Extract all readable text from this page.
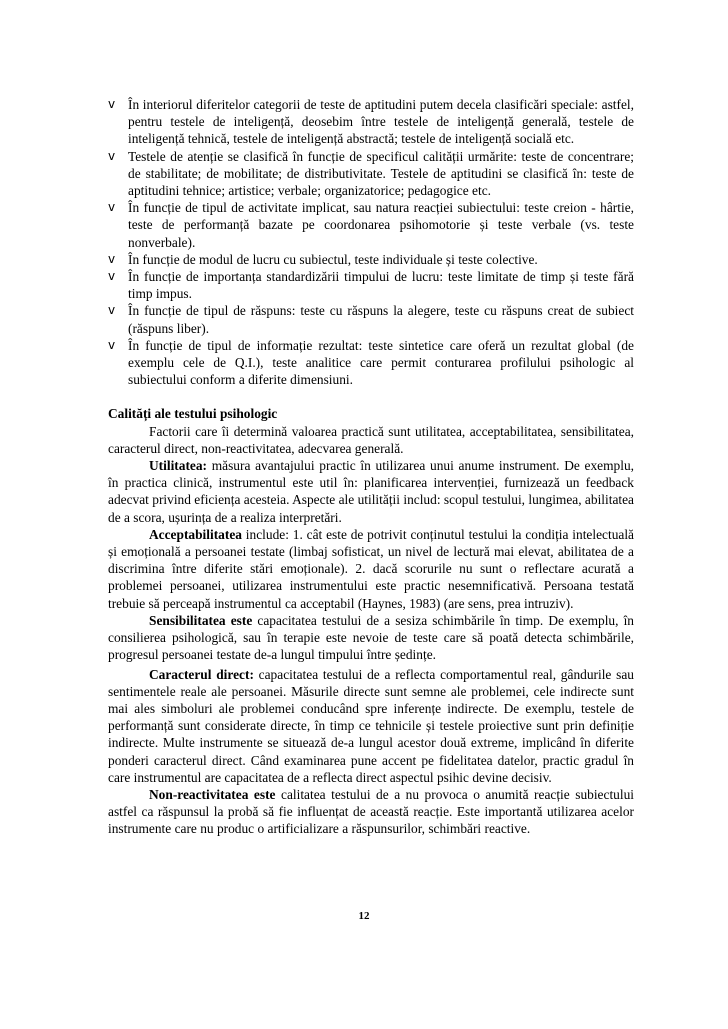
v În interiorul diferitelor categorii de teste de aptitudini putem decela clasificări speciale: astfel, pentru testele de inteligență, deosebim între testele de inteligență generală, testele de inteligență tehnică, testele de inteligență abstractă; testele de inteligență socială etc.
v Testele de atenție se clasifică în funcție de specificul calității urmărite: teste de concentrare; de stabilitate; de mobilitate; de distributivitate. Testele de aptitudini se clasifică în: teste de aptitudini tehnice; artistice; verbale; organizatorice; pedagogice etc.
v În funcție de tipul de activitate implicat, sau natura reacției subiectului: teste creion - hârtie, teste de performanță bazate pe coordonarea psihomotorie și teste verbale (vs. teste nonverbale).
v În funcție de modul de lucru cu subiectul, teste individuale și teste colective.
v În funcție de importanța standardizării timpului de lucru: teste limitate de timp și teste fără timp impus.
v În funcție de tipul de răspuns: teste cu răspuns la alegere, teste cu răspuns creat de subiect (răspuns liber).
v În funcție de tipul de informație rezultat: teste sintetice care oferă un rezultat global (de exemplu cele de Q.I.), teste analitice care permit conturarea profilului psihologic al subiectului conform a diferite dimensiuni.
Calități ale testului psihologic

Factorii care îi determină valoarea practică sunt utilitatea, acceptabilitatea, sensibilitatea, caracterul direct, non-reactivitatea, adecvarea generală.

Utilitatea: măsura avantajului practic în utilizarea unui anume instrument. De exemplu, în practica clinică, instrumentul este util în: planificarea intervenției, furnizează un feedback adecvat privind eficiența acesteia. Aspecte ale utilității includ: scopul testului, lungimea, abilitatea de a scora, ușurința de a realiza interpretări.

Acceptabilitatea include: 1. cât este de potrivit conținutul testului la condiția intelectuală și emoțională a persoanei testate (limbaj sofisticat, un nivel de lectură mai elevat, abilitatea de a discrimina între diferite stări emoționale). 2. dacă scorurile nu sunt o reflectare acurată a problemei persoanei, utilizarea instrumentului este practic nesemnificativă. Persoana testată trebuie să perceapă instrumentul ca acceptabil (Haynes, 1983) (are sens, prea intruziv).

Sensibilitatea este capacitatea testului de a sesiza schimbările în timp. De exemplu, în consilierea psihologică, sau în terapie este nevoie de teste care să poată detecta schimbările, progresul persoanei testate de-a lungul timpului între ședințe.

Caracterul direct: capacitatea testului de a reflecta comportamentul real, gândurile sau sentimentele reale ale persoanei. Măsurile directe sunt semne ale problemei, cele indirecte sunt mai ales simboluri ale problemei conducând spre inferențe indirecte. De exemplu, testele de performanță sunt considerate directe, în timp ce tehnicile și testele proiective sunt prin definiție indirecte. Multe instrumente se situează de-a lungul acestor două extreme, implicând în diferite ponderi caracterul direct. Când examinarea pune accent pe fidelitatea datelor, practic gradul în care instrumentul are capacitatea de a reflecta direct aspectul psihic devine decisiv.

Non-reactivitatea este calitatea testului de a nu provoca o anumită reacție subiectului astfel ca răspunsul la probă să fie influențat de această reacție. Este importantă utilizarea acelor instrumente care nu produc o artificializare a răspunsurilor, schimbări reactive.

12
